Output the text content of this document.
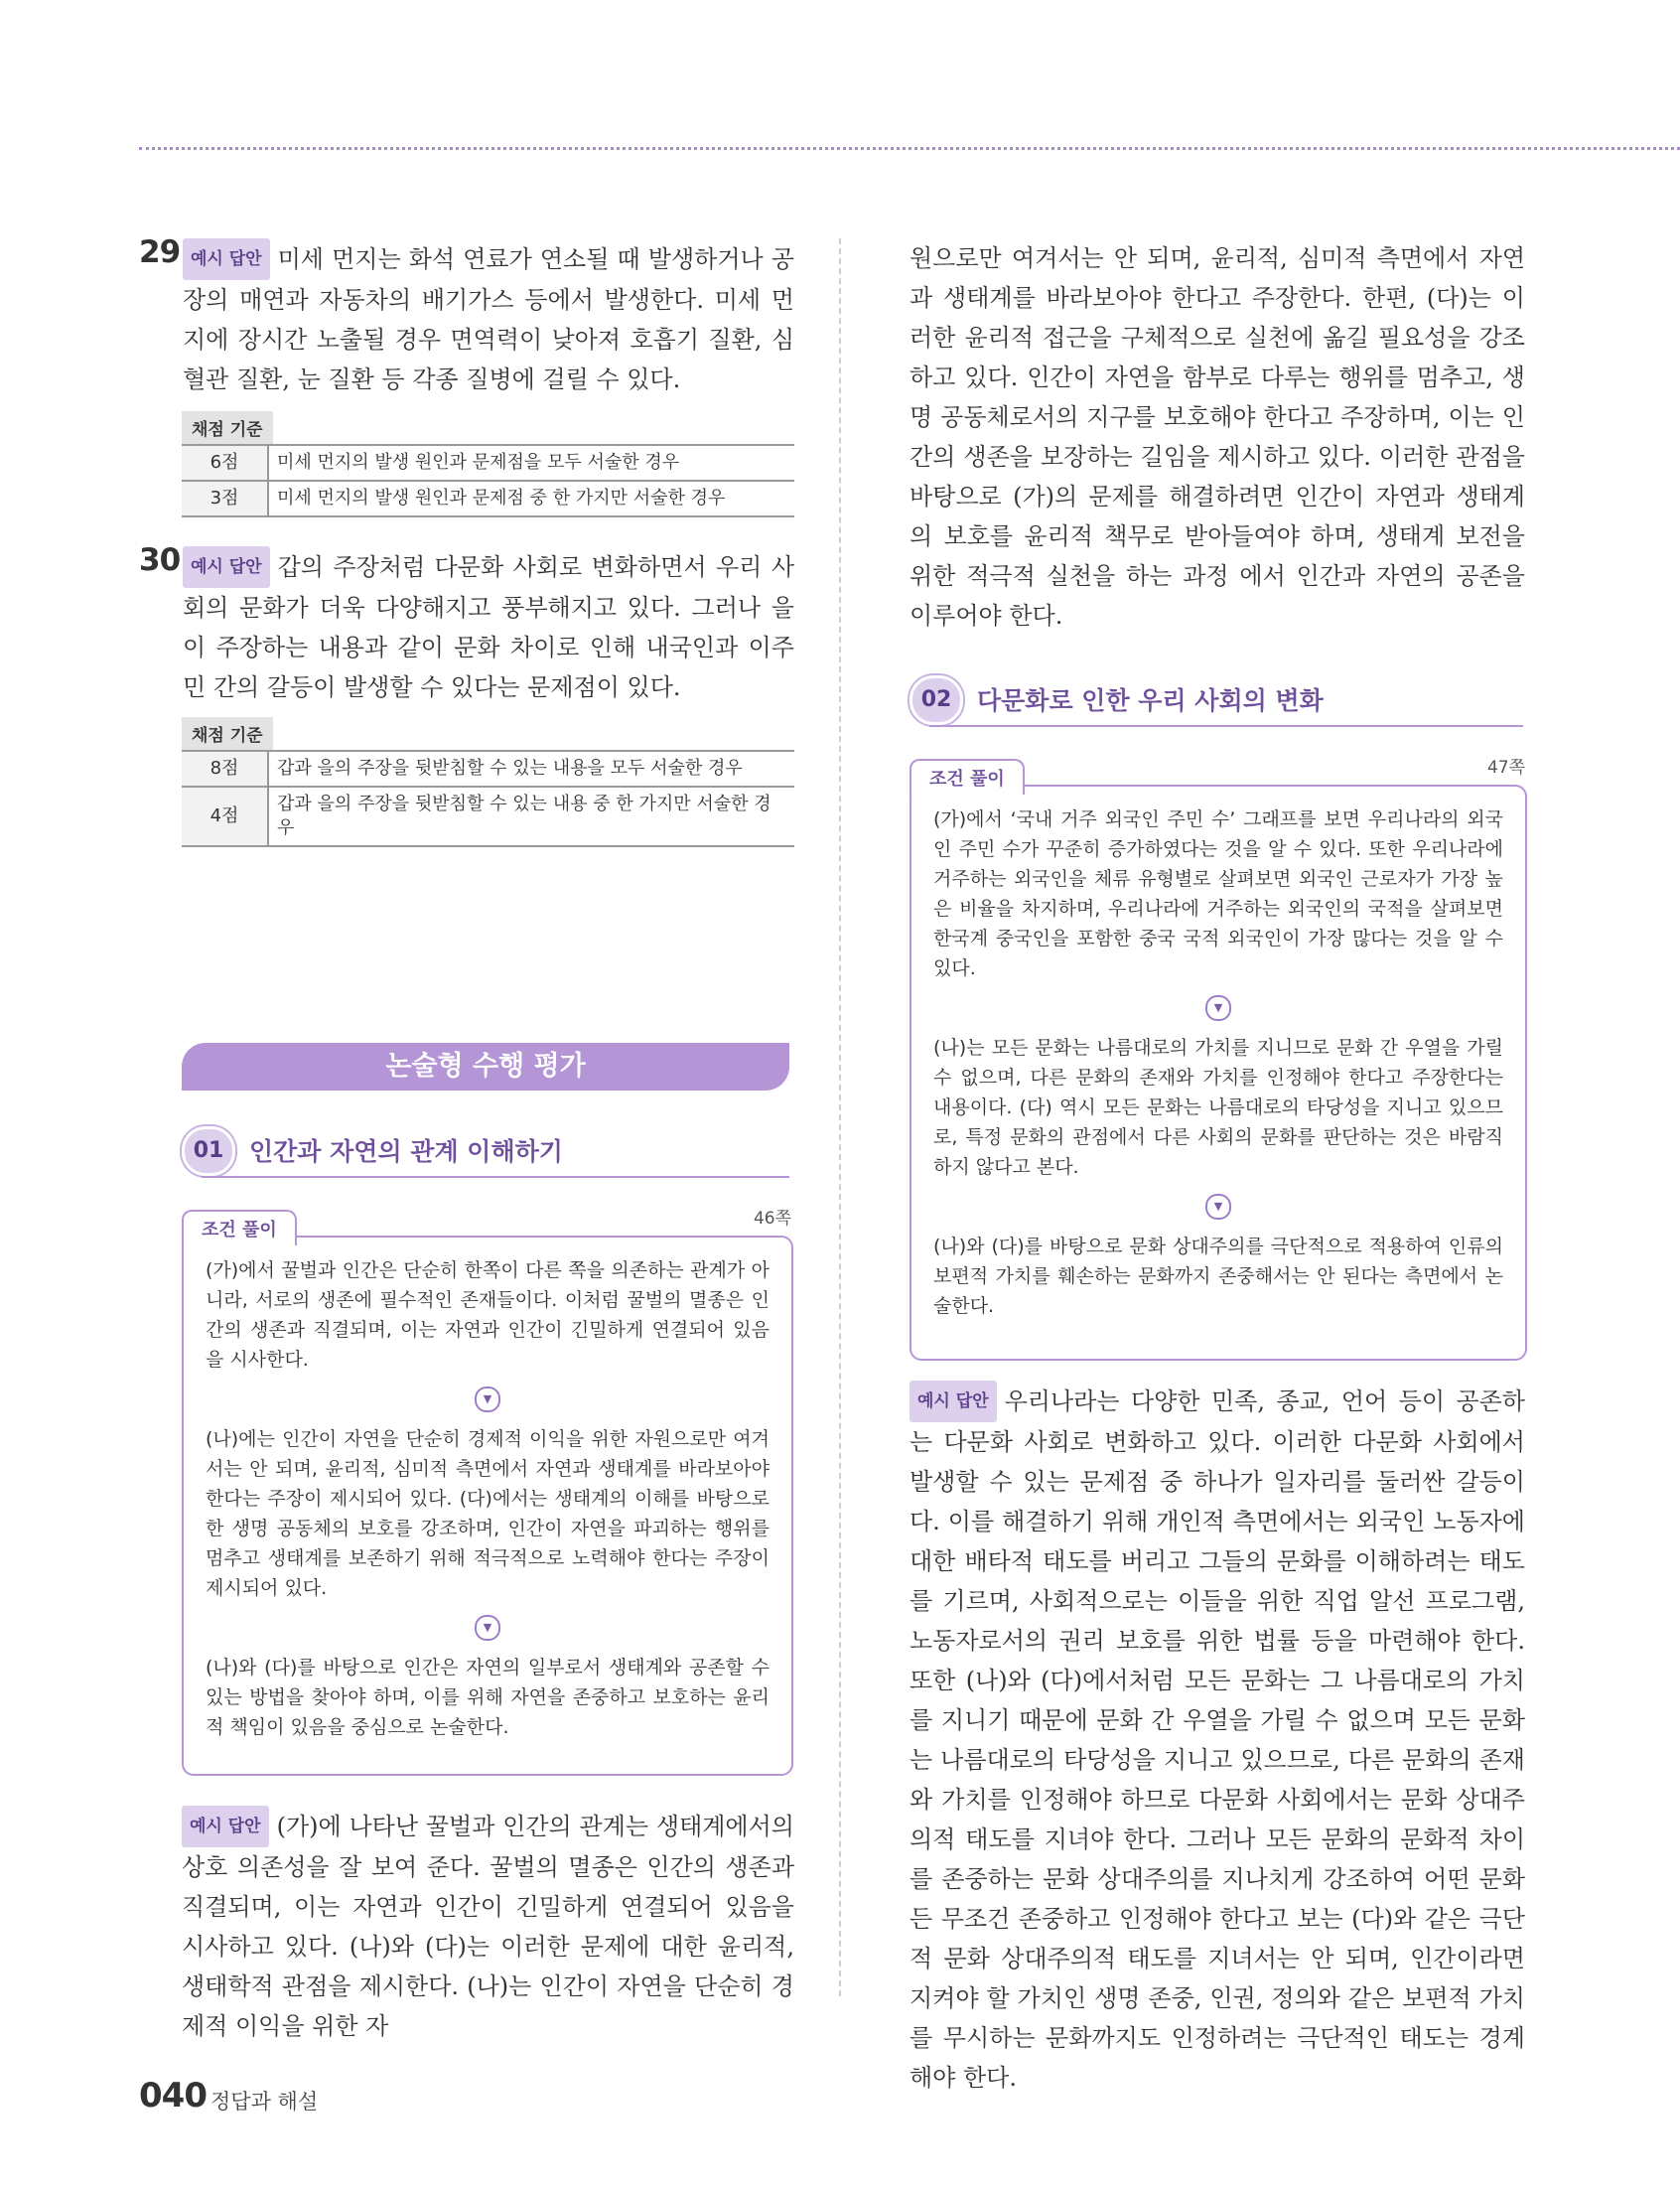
29 예시 답안 미세 먼지는 화석 연료가 연소될 때 발생하거나 공장의 매연과 자동차의 배기가스 등에서 발생한다. 미세 먼지에 장시간 노출될 경우 면역력이 낮아져 호흡기 질환, 심혈관 질환, 눈 질환 등 각종 질병에 걸릴 수 있다.
채점 기준
6점	미세 먼지의 발생 원인과 문제점을 모두 서술한 경우
3점	미세 먼지의 발생 원인과 문제점 중 한 가지만 서술한 경우
30 예시 답안 갑의 주장처럼 다문화 사회로 변화하면서 우리 사회의 문화가 더욱 다양해지고 풍부해지고 있다. 그러나 을이 주장하는 내용과 같이 문화 차이로 인해 내국인과 이주민 간의 갈등이 발생할 수 있다는 문제점이 있다.
채점 기준
8점	갑과 을의 주장을 뒷받침할 수 있는 내용을 모두 서술한 경우
4점	갑과 을의 주장을 뒷받침할 수 있는 내용 중 한 가지만 서술한 경우
논술형 수행 평가
01	인간과 자연의 관계 이해하기
조건 풀이
46쪽
(가)에서 꿀벌과 인간은 단순히 한쪽이 다른 쪽을 의존하는 관계가 아니라, 서로의 생존에 필수적인 존재들이다. 이처럼 꿀벌의 멸종은 인간의 생존과 직결되며, 이는 자연과 인간이 긴밀하게 연결되어 있음을 시사한다.
▼
(나)에는 인간이 자연을 단순히 경제적 이익을 위한 자원으로만 여겨서는 안 되며, 윤리적, 심미적 측면에서 자연과 생태계를 바라보아야 한다는 주장이 제시되어 있다. (다)에서는 생태계의 이해를 바탕으로 한 생명 공동체의 보호를 강조하며, 인간이 자연을 파괴하는 행위를 멈추고 생태계를 보존하기 위해 적극적으로 노력해야 한다는 주장이 제시되어 있다.
▼
(나)와 (다)를 바탕으로 인간은 자연의 일부로서 생태계와 공존할 수 있는 방법을 찾아야 하며, 이를 위해 자연을 존중하고 보호하는 윤리적 책임이 있음을 중심으로 논술한다.
예시 답안 (가)에 나타난 꿀벌과 인간의 관계는 생태계에서의 상호 의존성을 잘 보여 준다. 꿀벌의 멸종은 인간의 생존과 직결되며, 이는 자연과 인간이 긴밀하게 연결되어 있음을 시사하고 있다. (나)와 (다)는 이러한 문제에 대한 윤리적, 생태학적 관점을 제시한다. (나)는 인간이 자연을 단순히 경제적 이익을 위한 자
원으로만 여겨서는 안 되며, 윤리적, 심미적 측면에서 자연과 생태계를 바라보아야 한다고 주장한다. 한편, (다)는 이러한 윤리적 접근을 구체적으로 실천에 옮길 필요성을 강조하고 있다. 인간이 자연을 함부로 다루는 행위를 멈추고, 생명 공동체로서의 지구를 보호해야 한다고 주장하며, 이는 인간의 생존을 보장하는 길임을 제시하고 있다. 이러한 관점을 바탕으로 (가)의 문제를 해결하려면 인간이 자연과 생태계의 보호를 윤리적 책무로 받아들여야 하며, 생태계 보전을 위한 적극적 실천을 하는 과정 에서 인간과 자연의 공존을 이루어야 한다.
02	다문화로 인한 우리 사회의 변화
조건 풀이
47쪽
(가)에서 ‘국내 거주 외국인 주민 수’ 그래프를 보면 우리나라의 외국인 주민 수가 꾸준히 증가하였다는 것을 알 수 있다. 또한 우리나라에 거주하는 외국인을 체류 유형별로 살펴보면 외국인 근로자가 가장 높은 비율을 차지하며, 우리나라에 거주하는 외국인의 국적을 살펴보면 한국계 중국인을 포함한 중국 국적 외국인이 가장 많다는 것을 알 수 있다.
▼
(나)는 모든 문화는 나름대로의 가치를 지니므로 문화 간 우열을 가릴 수 없으며, 다른 문화의 존재와 가치를 인정해야 한다고 주장한다는 내용이다. (다) 역시 모든 문화는 나름대로의 타당성을 지니고 있으므로, 특정 문화의 관점에서 다른 사회의 문화를 판단하는 것은 바람직하지 않다고 본다.
▼
(나)와 (다)를 바탕으로 문화 상대주의를 극단적으로 적용하여 인류의 보편적 가치를 훼손하는 문화까지 존중해서는 안 된다는 측면에서 논술한다.
예시 답안 우리나라는 다양한 민족, 종교, 언어 등이 공존하는 다문화 사회로 변화하고 있다. 이러한 다문화 사회에서 발생할 수 있는 문제점 중 하나가 일자리를 둘러싼 갈등이다. 이를 해결하기 위해 개인적 측면에서는 외국인 노동자에 대한 배타적 태도를 버리고 그들의 문화를 이해하려는 태도를 기르며, 사회적으로는 이들을 위한 직업 알선 프로그램, 노동자로서의 권리 보호를 위한 법률 등을 마련해야 한다. 또한 (나)와 (다)에서처럼 모든 문화는 그 나름대로의 가치를 지니기 때문에 문화 간 우열을 가릴 수 없으며 모든 문화는 나름대로의 타당성을 지니고 있으므로, 다른 문화의 존재와 가치를 인정해야 하므로 다문화 사회에서는 문화 상대주의적 태도를 지녀야 한다. 그러나 모든 문화의 문화적 차이를 존중하는 문화 상대주의를 지나치게 강조하여 어떤 문화든 무조건 존중하고 인정해야 한다고 보는 (다)와 같은 극단적 문화 상대주의적 태도를 지녀서는 안 되며, 인간이라면 지켜야 할 가치인 생명 존중, 인권, 정의와 같은 보편적 가치를 무시하는 문화까지도 인정하려는 극단적인 태도는 경계해야 한다.
040 정답과 해설
